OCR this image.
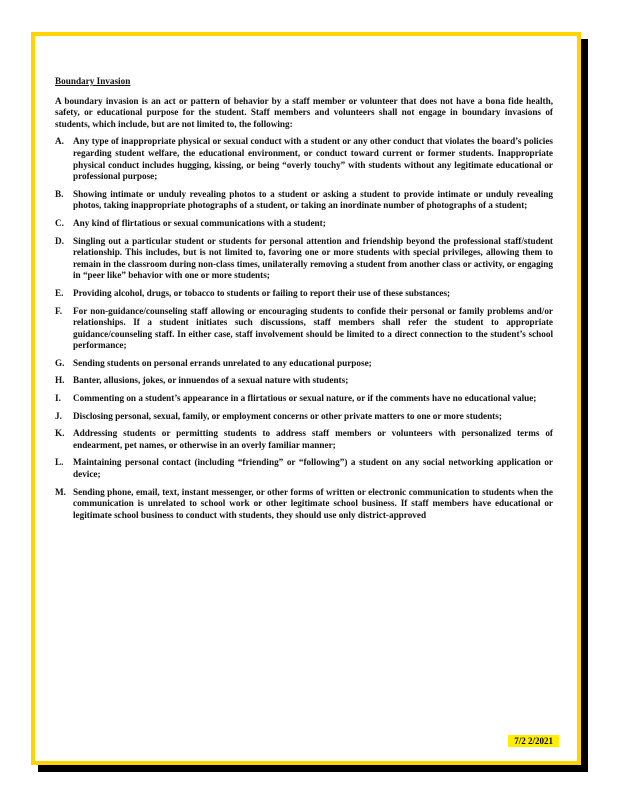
Boundary Invasion
A boundary invasion is an act or pattern of behavior by a staff member or volunteer that does not have a bona fide health, safety, or educational purpose for the student. Staff members and volunteers shall not engage in boundary invasions of students, which include, but are not limited to, the following:
A. Any type of inappropriate physical or sexual conduct with a student or any other conduct that violates the board’s policies regarding student welfare, the educational environment, or conduct toward current or former students. Inappropriate physical conduct includes hugging, kissing, or being “overly touchy” with students without any legitimate educational or professional purpose;
B.	Showing intimate or unduly revealing photos to a student or asking a student to provide intimate or unduly revealing photos, taking inappropriate photographs of a student, or taking an inordinate number of photographs of a student;
C. Any kind of flirtatious or sexual communications with a student;
D. Singling out a particular student or students for personal attention and friendship beyond the professional staff/student relationship. This includes, but is not limited to, favoring one or more students with special privileges, allowing them to remain in the classroom during non-class times, unilaterally removing a student from another class or activity, or engaging in “peer like” behavior with one or more students;
E.	Providing alcohol, drugs, or tobacco to students or failing to report their use of these substances;
F.	For non-guidance/counseling staff allowing or encouraging students to confide their personal or family problems and/or relationships. If a student initiates such discussions, staff members shall refer the student to appropriate guidance/counseling staff. In either case, staff involvement should be limited to a direct connection to the student’s school performance;
G. Sending students on personal errands unrelated to any educational purpose;
H. Banter, allusions, jokes, or innuendos of a sexual nature with students;
I.	Commenting on a student’s appearance in a flirtatious or sexual nature, or if the comments have no educational value;
J.	Disclosing personal, sexual, family, or employment concerns or other private matters to one or more students;
K. Addressing students or permitting students to address staff members or volunteers with personalized terms of endearment, pet names, or otherwise in an overly familiar manner;
L.	Maintaining personal contact (including “friending” or “following”) a student on any social networking application or device;
M. Sending phone, email, text, instant messenger, or other forms of written or electronic communication to students when the communication is unrelated to school work or other legitimate school business. If staff members have educational or legitimate school business to conduct with students, they should use only district-approved
7/2 2/2021
